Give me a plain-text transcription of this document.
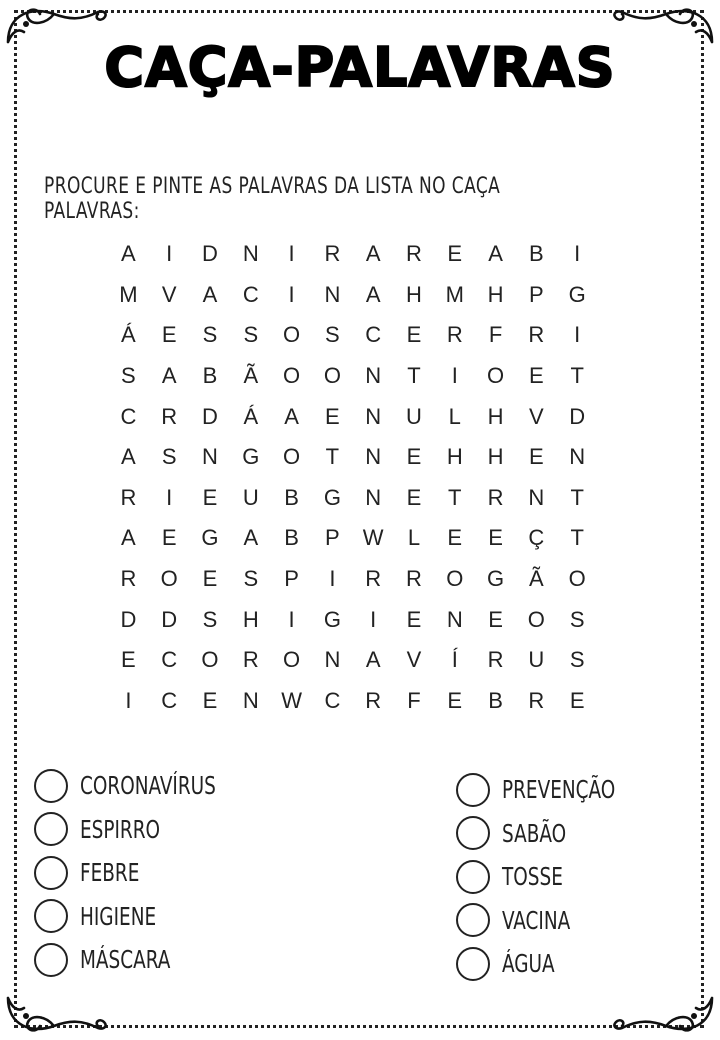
CAÇA-PALAVRAS
PROCURE E PINTE AS PALAVRAS DA LISTA NO CAÇA PALAVRAS:
A	I	D	N	I	R	A	R	E	A	B	I
M	V	A	C	I	N	A	H	M	H	P	G
Á	E	S	S	O	S	C	E	R	F	R	I
S	A	B	Ã	O	O	N	T	I	O	E	T
C	R	D	Á	A	E	N	U	L	H	V	D
A	S	N	G	O	T	N	E	H	H	E	N
R	I	E	U	B	G	N	E	T	R	N	T
A	E	G	A	B	P	W	L	E	E	Ç	T
R	O	E	S	P	I	R	R	O	G	Ã	O
D	D	S	H	I	G	I	E	N	E	O	S
E	C	O	R	O	N	A	V	Í	R	U	S
I	C	E	N	W	C	R	F	E	B	R	E
CORONAVÍRUS
ESPIRRO
FEBRE
HIGIENE
MÁSCARA
PREVENÇÃO
SABÃO
TOSSE
VACINA
ÁGUA
